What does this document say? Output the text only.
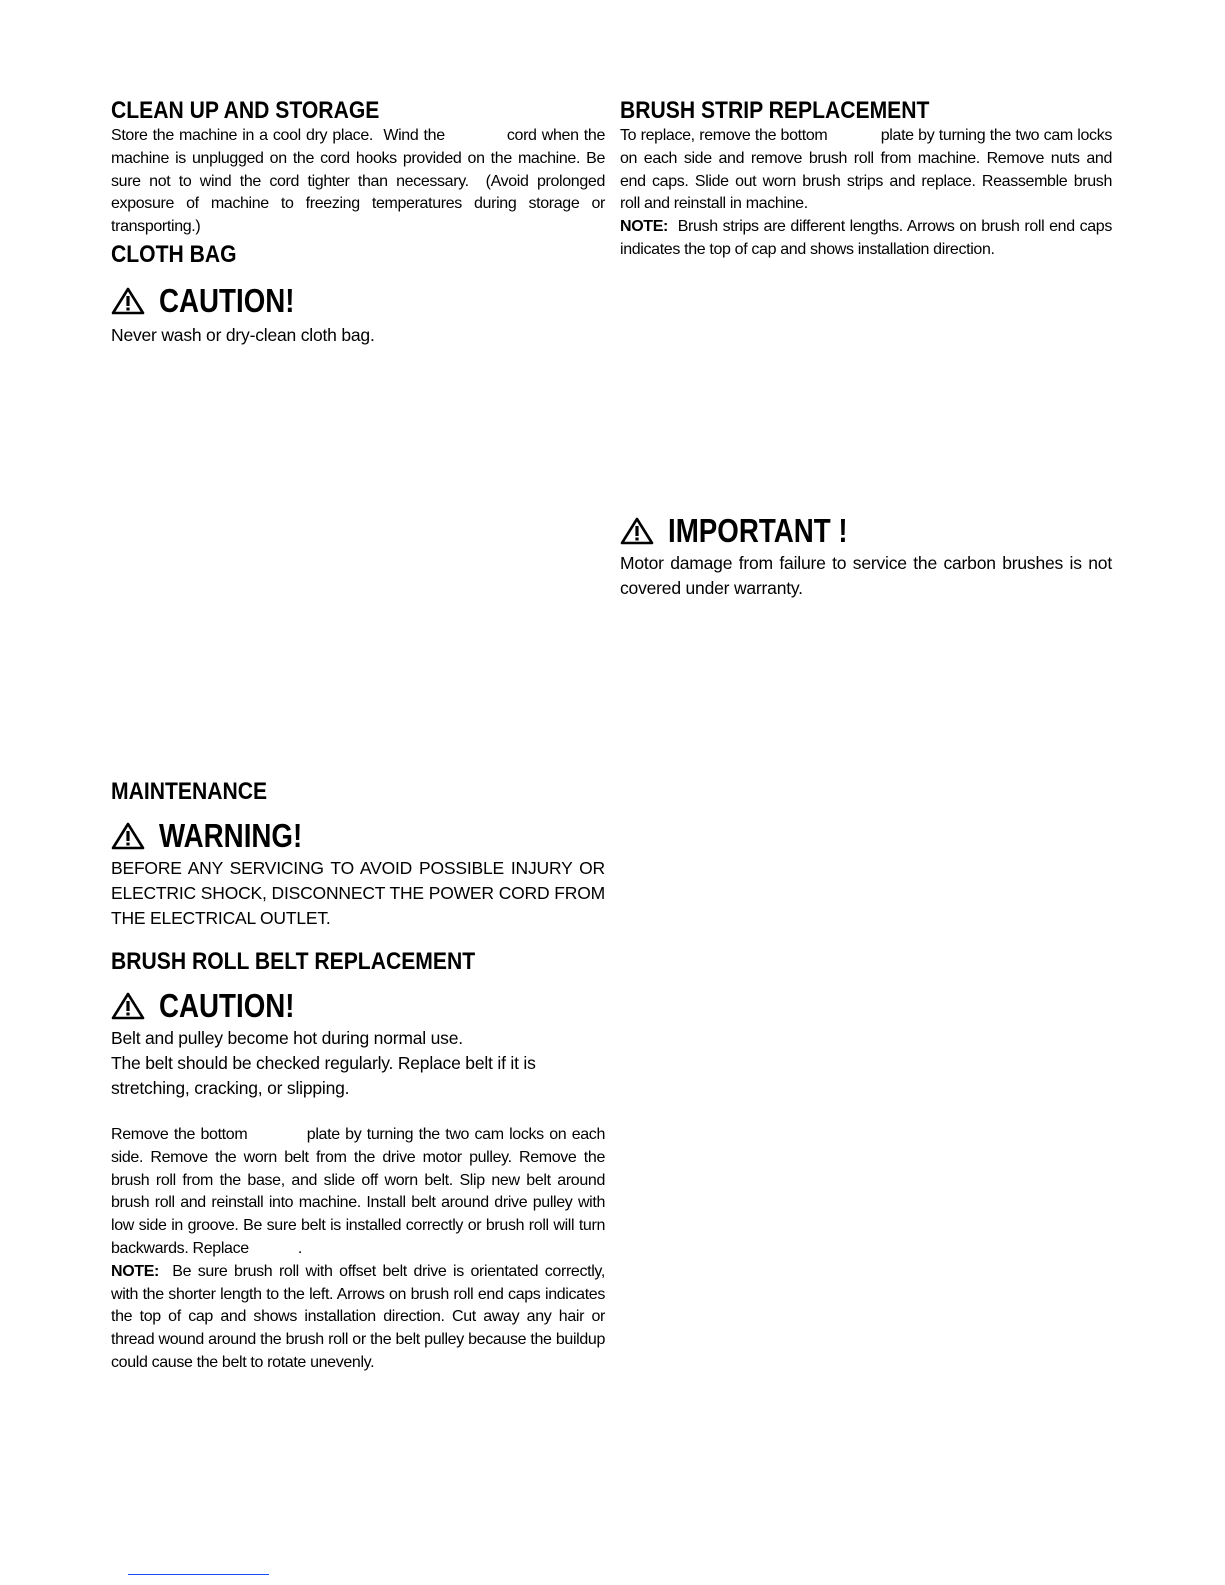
CLEAN UP AND STORAGE

Store the machine in a cool dry place.  Wind the            cord when the machine is unplugged on the cord hooks provided on the machine. Be sure not to wind the cord tighter than necessary.  (Avoid prolonged exposure of machine to freezing temperatures during storage or transporting.)

CLOTH BAG
CAUTION!

Never wash or dry-clean cloth bag.

MAINTENANCE
WARNING!

BEFORE ANY SERVICING TO AVOID POSSIBLE INJURY OR ELECTRIC SHOCK, DISCONNECT THE POWER CORD FROM THE ELECTRICAL OUTLET.

BRUSH ROLL BELT REPLACEMENT
CAUTION!

Belt and pulley become hot during normal use.

The belt should be checked regularly. Replace belt if it is stretching, cracking, or slipping.

Remove the bottom           plate by turning the two cam locks on each side. Remove the worn belt from the drive motor pulley. Remove the brush roll from the base, and slide off worn belt. Slip new belt around brush roll and reinstall into machine. Install belt around drive pulley with low side in groove. Be sure belt is installed correctly or brush roll will turn backwards. Replace            .

NOTE:  Be sure brush roll with offset belt drive is orientated correctly, with the shorter length to the left. Arrows on brush roll end caps indicates the top of cap and shows installation direction. Cut away any hair or thread wound around the brush roll or the belt pulley because the buildup could cause the belt to rotate unevenly.

BRUSH STRIP REPLACEMENT

To replace, remove the bottom            plate by turning the two cam locks on each side and remove brush roll from machine. Remove nuts and end caps. Slide out worn brush strips and replace. Reassemble brush roll and reinstall in machine.

NOTE:  Brush strips are different lengths. Arrows on brush roll end caps indicates the top of cap and shows installation direction.

IMPORTANT !

Motor damage from failure to service the carbon brushes is not covered under warranty.
